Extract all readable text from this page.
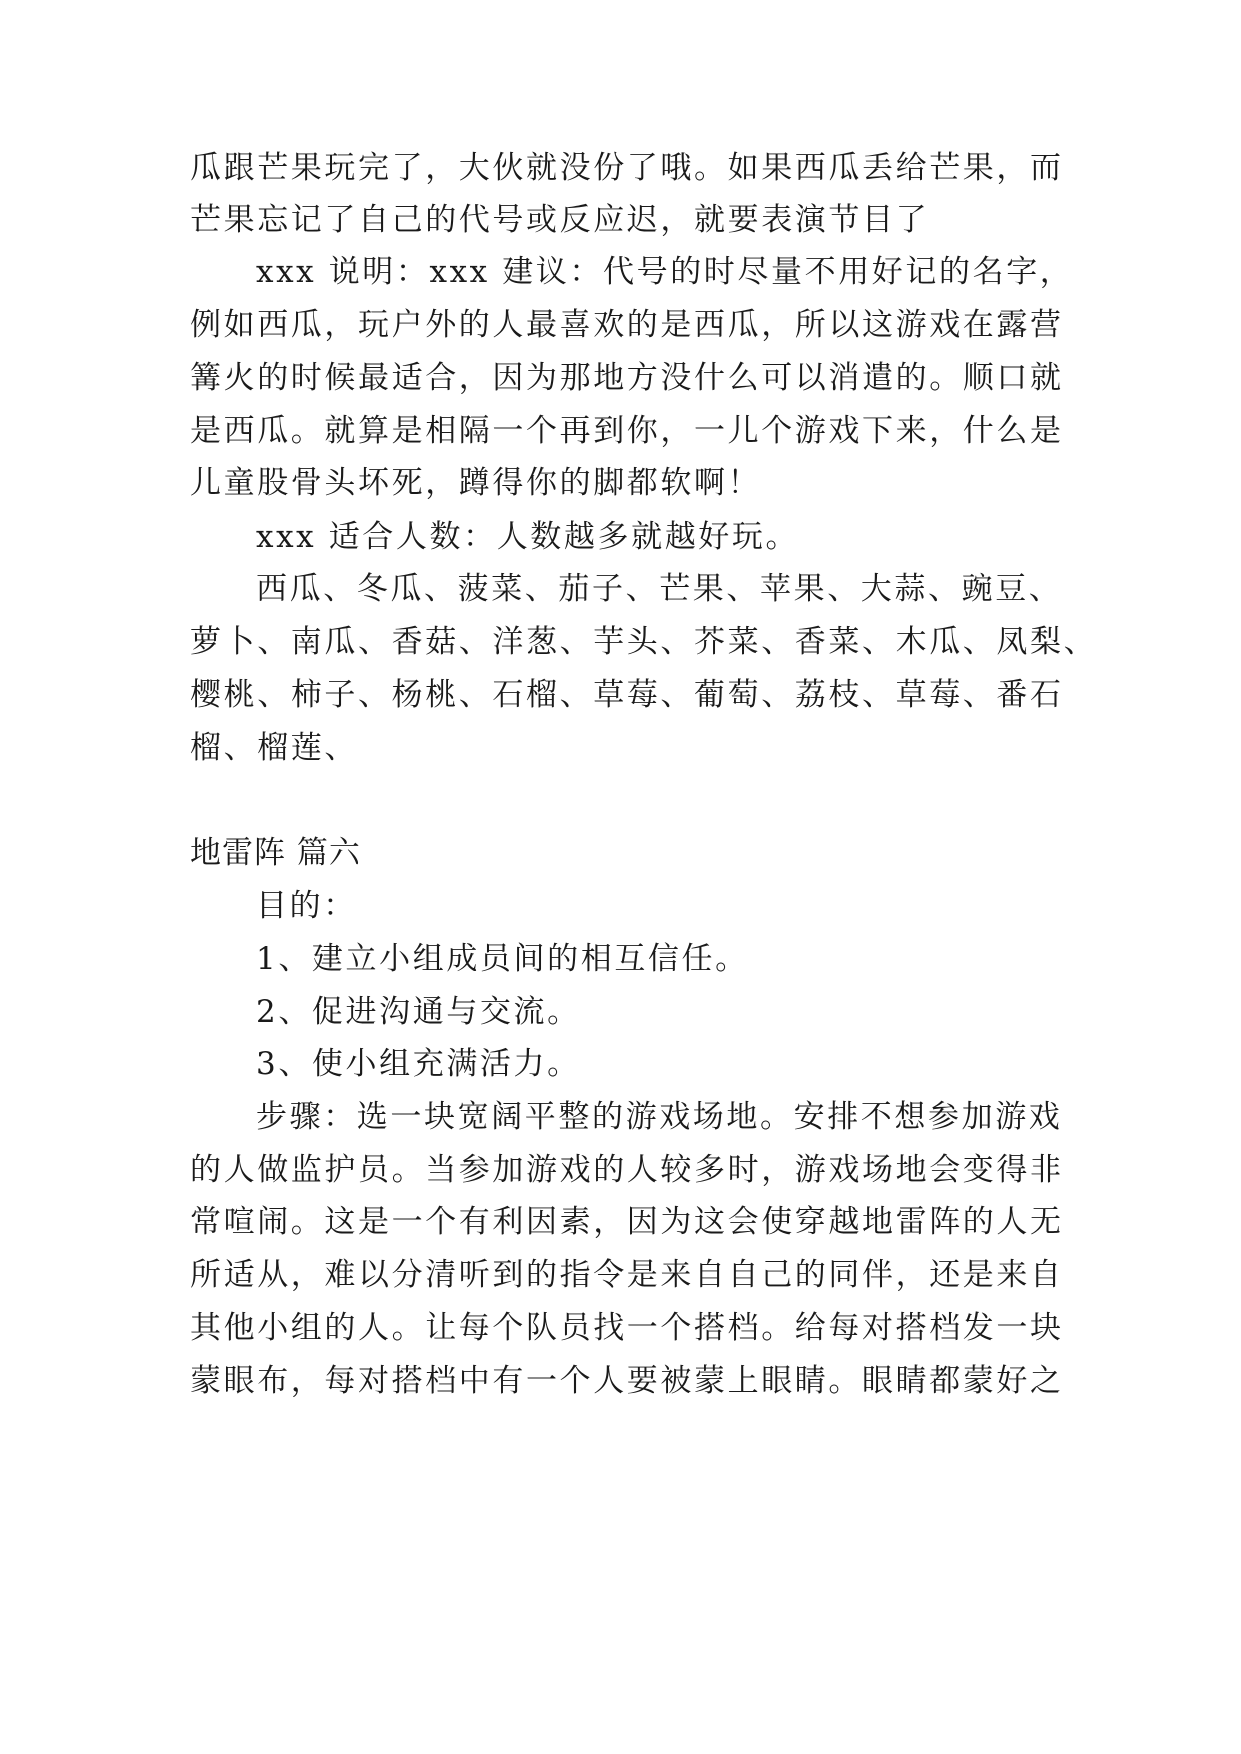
瓜跟芒果玩完了，大伙就没份了哦。如果西瓜丢给芒果，而
芒果忘记了自己的代号或反应迟，就要表演节目了
xxx 说明：xxx 建议：代号的时尽量不用好记的名字，
例如西瓜，玩户外的人最喜欢的是西瓜，所以这游戏在露营
篝火的时候最适合，因为那地方没什么可以消遣的。顺口就
是西瓜。就算是相隔一个再到你，一儿个游戏下来，什么是
儿童股骨头坏死，蹲得你的脚都软啊！
xxx 适合人数：人数越多就越好玩。
西瓜、冬瓜、菠菜、茄子、芒果、苹果、大蒜、豌豆、
萝卜、南瓜、香菇、洋葱、芋头、芥菜、香菜、木瓜、凤梨、
樱桃、柿子、杨桃、石榴、草莓、葡萄、荔枝、草莓、番石
榴、榴莲、
地雷阵 篇六
目的：
1、建立小组成员间的相互信任。
2、促进沟通与交流。
3、使小组充满活力。
步骤：选一块宽阔平整的游戏场地。安排不想参加游戏
的人做监护员。当参加游戏的人较多时，游戏场地会变得非
常喧闹。这是一个有利因素，因为这会使穿越地雷阵的人无
所适从，难以分清听到的指令是来自自己的同伴，还是来自
其他小组的人。让每个队员找一个搭档。给每对搭档发一块
蒙眼布，每对搭档中有一个人要被蒙上眼睛。眼睛都蒙好之
